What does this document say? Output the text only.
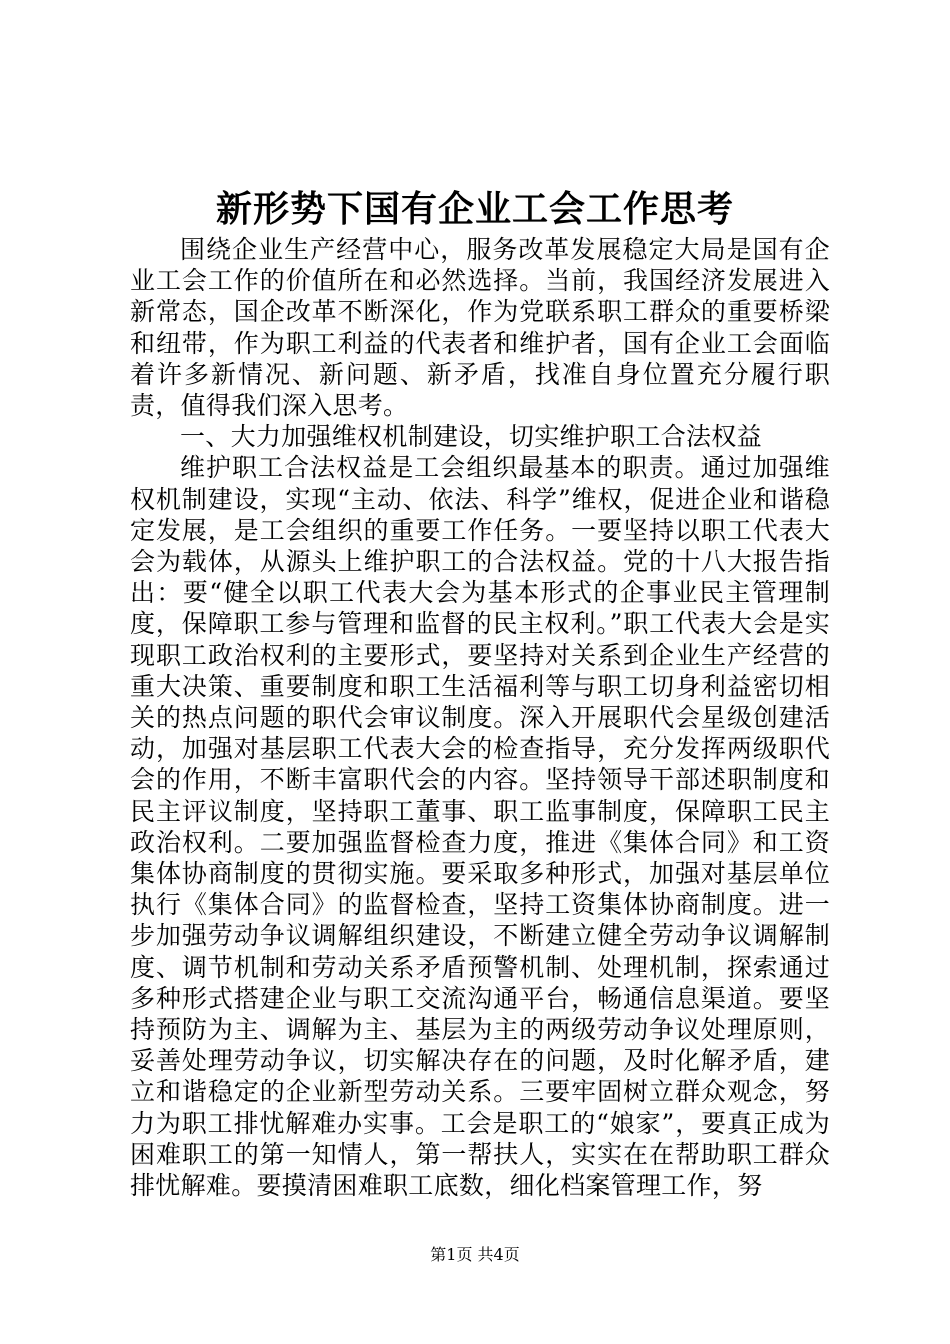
新形势下国有企业工会工作思考

围绕企业生产经营中心，服务改革发展稳定大局是国有企业工会工作的价值所在和必然选择。当前，我国经济发展进入新常态，国企改革不断深化，作为党联系职工群众的重要桥梁和纽带，作为职工利益的代表者和维护者，国有企业工会面临着许多新情况、新问题、新矛盾，找准自身位置充分履行职责，值得我们深入思考。

一、大力加强维权机制建设，切实维护职工合法权益

维护职工合法权益是工会组织最基本的职责。通过加强维权机制建设，实现“主动、依法、科学”维权，促进企业和谐稳定发展，是工会组织的重要工作任务。一要坚持以职工代表大会为载体，从源头上维护职工的合法权益。党的十八大报告指出：要“健全以职工代表大会为基本形式的企事业民主管理制度，保障职工参与管理和监督的民主权利。”职工代表大会是实现职工政治权利的主要形式，要坚持对关系到企业生产经营的重大决策、重要制度和职工生活福利等与职工切身利益密切相关的热点问题的职代会审议制度。深入开展职代会星级创建活动，加强对基层职工代表大会的检查指导，充分发挥两级职代会的作用，不断丰富职代会的内容。坚持领导干部述职制度和民主评议制度，坚持职工董事、职工监事制度，保障职工民主政治权利。二要加强监督检查力度，推进《集体合同》和工资集体协商制度的贯彻实施。要采取多种形式，加强对基层单位执行《集体合同》的监督检查，坚持工资集体协商制度。进一步加强劳动争议调解组织建设，不断建立健全劳动争议调解制度、调节机制和劳动关系矛盾预警机制、处理机制，探索通过多种形式搭建企业与职工交流沟通平台，畅通信息渠道。要坚持预防为主、调解为主、基层为主的两级劳动争议处理原则，妥善处理劳动争议，切实解决存在的问题，及时化解矛盾，建立和谐稳定的企业新型劳动关系。三要牢固树立群众观念，努力为职工排忧解难办实事。工会是职工的“娘家”，要真正成为困难职工的第一知情人，第一帮扶人，实实在在帮助职工群众排忧解难。要摸清困难职工底数，细化档案管理工作，努

第1页 共4页
